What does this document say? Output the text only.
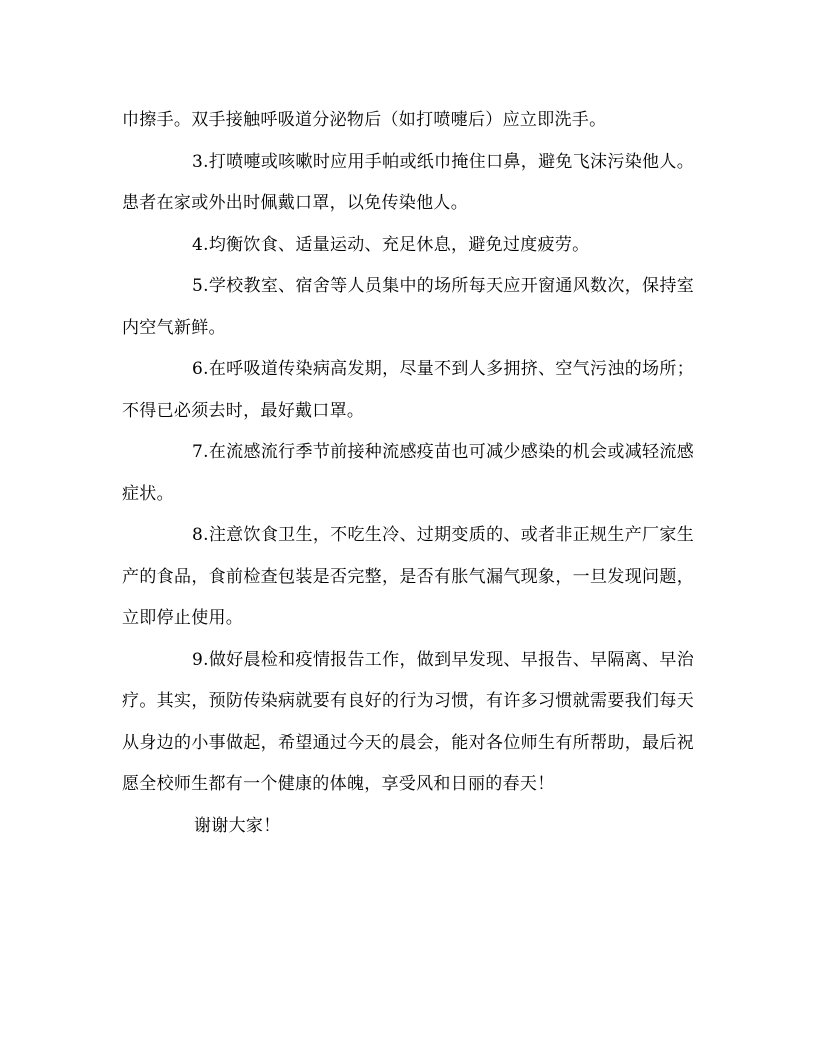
巾擦手。双手接触呼吸道分泌物后（如打喷嚏后）应立即洗手。

3.打喷嚏或咳嗽时应用手帕或纸巾掩住口鼻，避免飞沫污染他人。患者在家或外出时佩戴口罩，以免传染他人。

4.均衡饮食、适量运动、充足休息，避免过度疲劳。

5.学校教室、宿舍等人员集中的场所每天应开窗通风数次，保持室内空气新鲜。

6.在呼吸道传染病高发期，尽量不到人多拥挤、空气污浊的场所；不得已必须去时，最好戴口罩。

7.在流感流行季节前接种流感疫苗也可减少感染的机会或减轻流感症状。

8.注意饮食卫生，不吃生冷、过期变质的、或者非正规生产厂家生产的食品，食前检查包装是否完整，是否有胀气漏气现象，一旦发现问题，立即停止使用。

9.做好晨检和疫情报告工作，做到早发现、早报告、早隔离、早治疗。其实，预防传染病就要有良好的行为习惯，有许多习惯就需要我们每天从身边的小事做起，希望通过今天的晨会，能对各位师生有所帮助，最后祝愿全校师生都有一个健康的体魄，享受风和日丽的春天！

谢谢大家！
